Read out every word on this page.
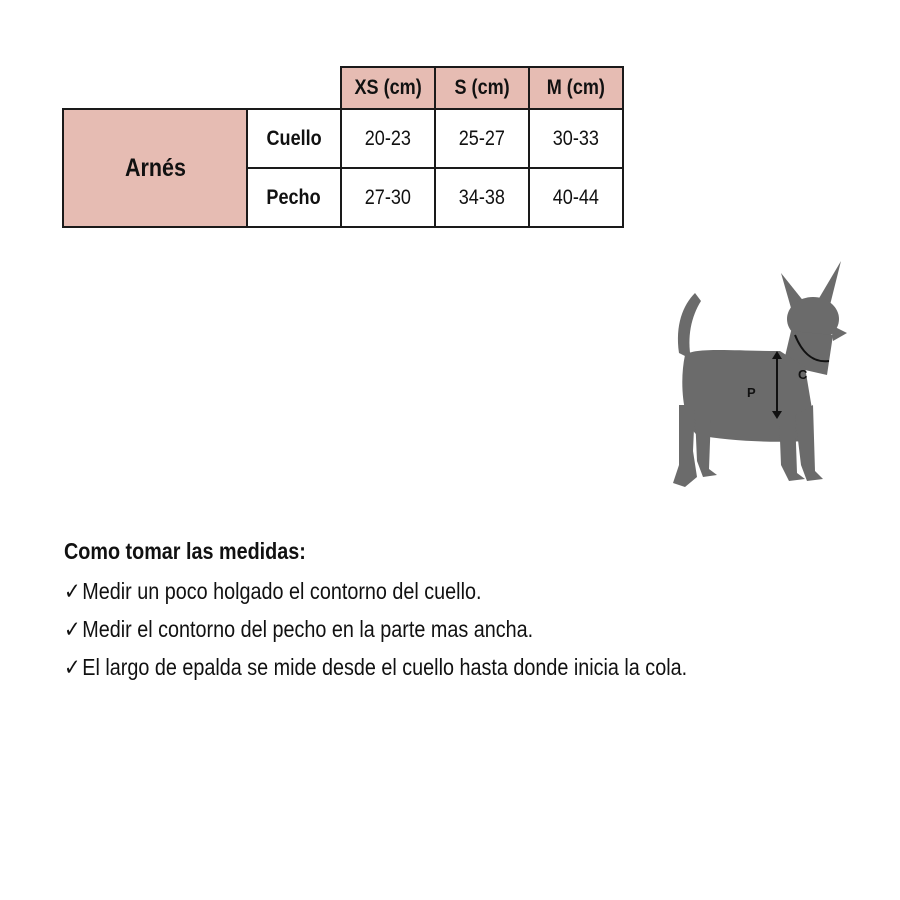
		XS (cm)	S (cm)	M (cm)
Arnés	Cuello	20-23	25-27	30-33
	Pecho	27-30	34-38	40-44
C
P
Como tomar las medidas:
✓Medir un poco holgado el contorno del cuello.
✓Medir el contorno del pecho en la parte mas ancha.
✓El largo de epalda se mide desde el cuello hasta donde inicia la cola.
